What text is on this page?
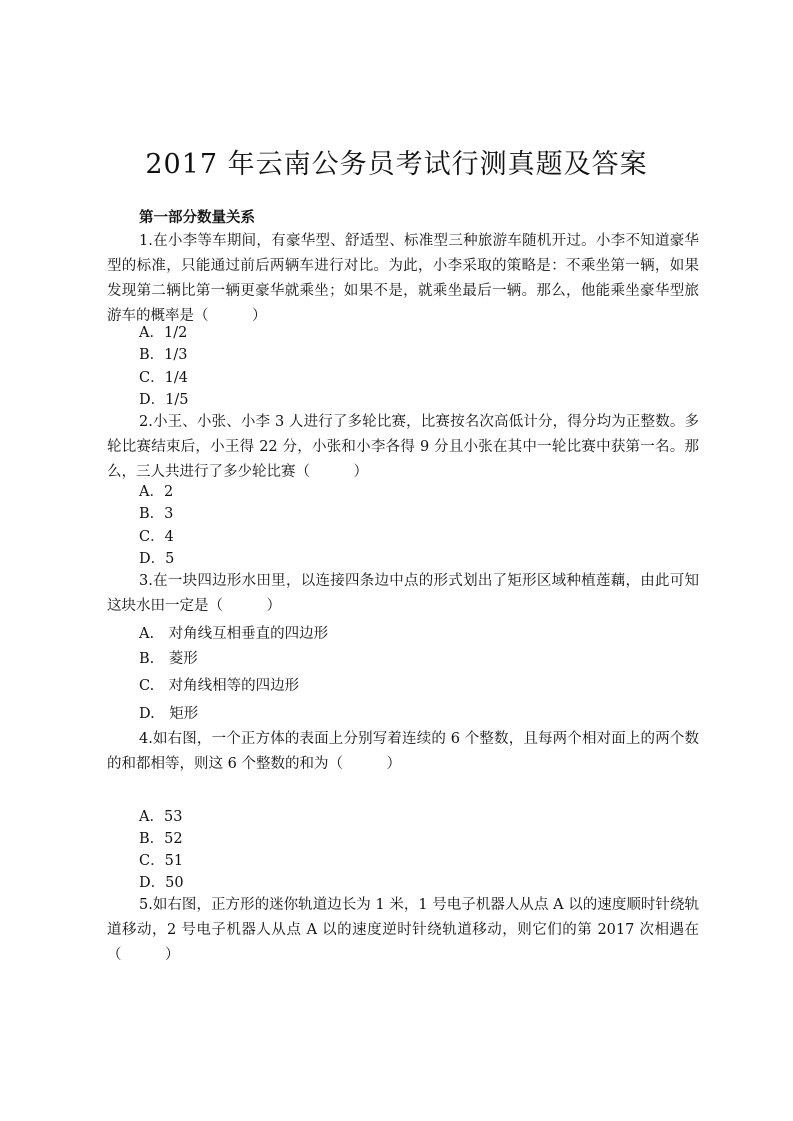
2017 年云南公务员考试行测真题及答案
第一部分数量关系
1.在小李等车期间，有豪华型、舒适型、标准型三种旅游车随机开过。小李不知道豪华型的标准，只能通过前后两辆车进行对比。为此，小李采取的策略是：不乘坐第一辆，如果发现第二辆比第一辆更豪华就乘坐；如果不是，就乘坐最后一辆。那么，他能乘坐豪华型旅游车的概率是（　　　）
A．1/2
B．1/3
C．1/4
D．1/5
2.小王、小张、小李 3 人进行了多轮比赛，比赛按名次高低计分，得分均为正整数。多轮比赛结束后，小王得 22 分，小张和小李各得 9 分且小张在其中一轮比赛中获第一名。那么，三人共进行了多少轮比赛（　　　）
A．2
B．3
C．4
D．5
3.在一块四边形水田里，以连接四条边中点的形式划出了矩形区域种植莲藕，由此可知这块水田一定是（　　　）
A.　对角线互相垂直的四边形
B.　菱形
C.　对角线相等的四边形
D.　矩形
4.如右图，一个正方体的表面上分别写着连续的 6 个整数，且每两个相对面上的两个数的和都相等，则这 6 个整数的和为（　　　）
A．53
B．52
C．51
D．50
5.如右图，正方形的迷你轨道边长为 1 米，1 号电子机器人从点 A 以的速度顺时针绕轨道移动，2 号电子机器人从点 A 以的速度逆时针绕轨道移动，则它们的第 2017 次相遇在（　　　）
